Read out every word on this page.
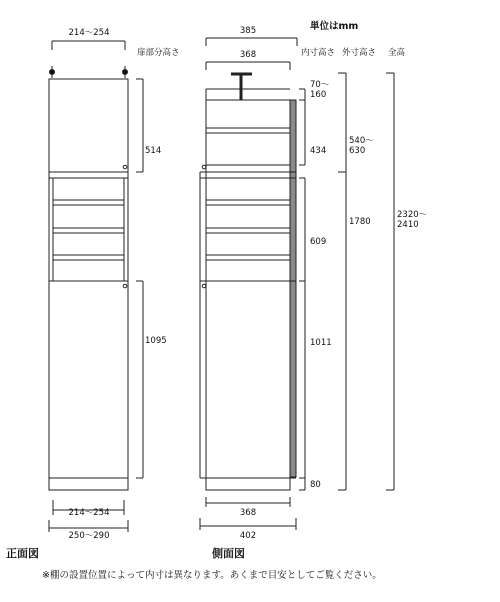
単位はmm
扉部分高さ	内寸高さ 外寸高さ 全高
214～254
514
1095
214～254
250～290
正面図
385
368
70～
160
434
609
1011
80
540～
630
1780
2320～
2410
368
402
側面図
※棚の設置位置によって内寸は異なります。あくまで目安としてご覧ください。
